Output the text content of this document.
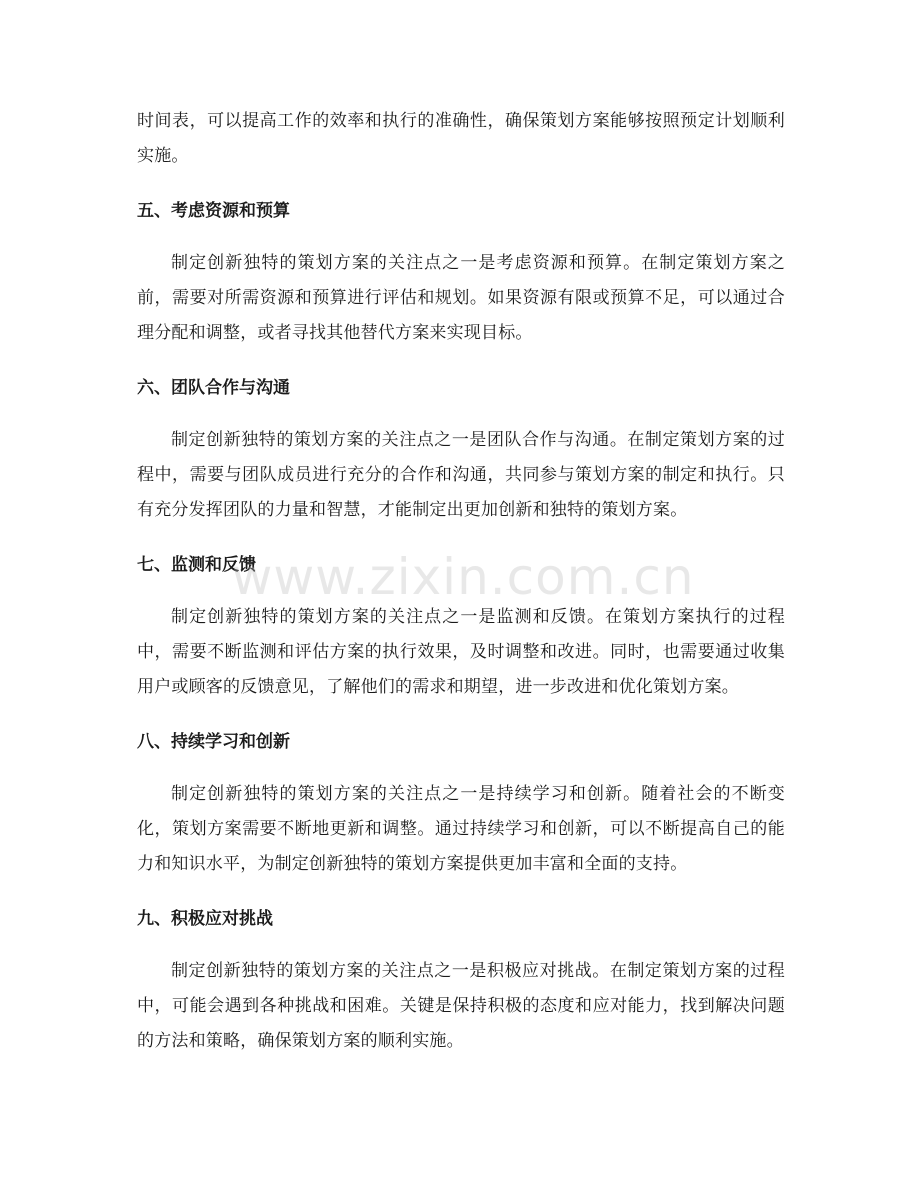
时间表，可以提高工作的效率和执行的准确性，确保策划方案能够按照预定计划顺利实施。

五、考虑资源和预算

制定创新独特的策划方案的关注点之一是考虑资源和预算。在制定策划方案之前，需要对所需资源和预算进行评估和规划。如果资源有限或预算不足，可以通过合理分配和调整，或者寻找其他替代方案来实现目标。

六、团队合作与沟通

制定创新独特的策划方案的关注点之一是团队合作与沟通。在制定策划方案的过程中，需要与团队成员进行充分的合作和沟通，共同参与策划方案的制定和执行。只有充分发挥团队的力量和智慧，才能制定出更加创新和独特的策划方案。

七、监测和反馈

制定创新独特的策划方案的关注点之一是监测和反馈。在策划方案执行的过程中，需要不断监测和评估方案的执行效果，及时调整和改进。同时，也需要通过收集用户或顾客的反馈意见，了解他们的需求和期望，进一步改进和优化策划方案。

八、持续学习和创新

制定创新独特的策划方案的关注点之一是持续学习和创新。随着社会的不断变化，策划方案需要不断地更新和调整。通过持续学习和创新，可以不断提高自己的能力和知识水平，为制定创新独特的策划方案提供更加丰富和全面的支持。

九、积极应对挑战

制定创新独特的策划方案的关注点之一是积极应对挑战。在制定策划方案的过程中，可能会遇到各种挑战和困难。关键是保持积极的态度和应对能力，找到解决问题的方法和策略，确保策划方案的顺利实施。

www.zixin.com.cn
